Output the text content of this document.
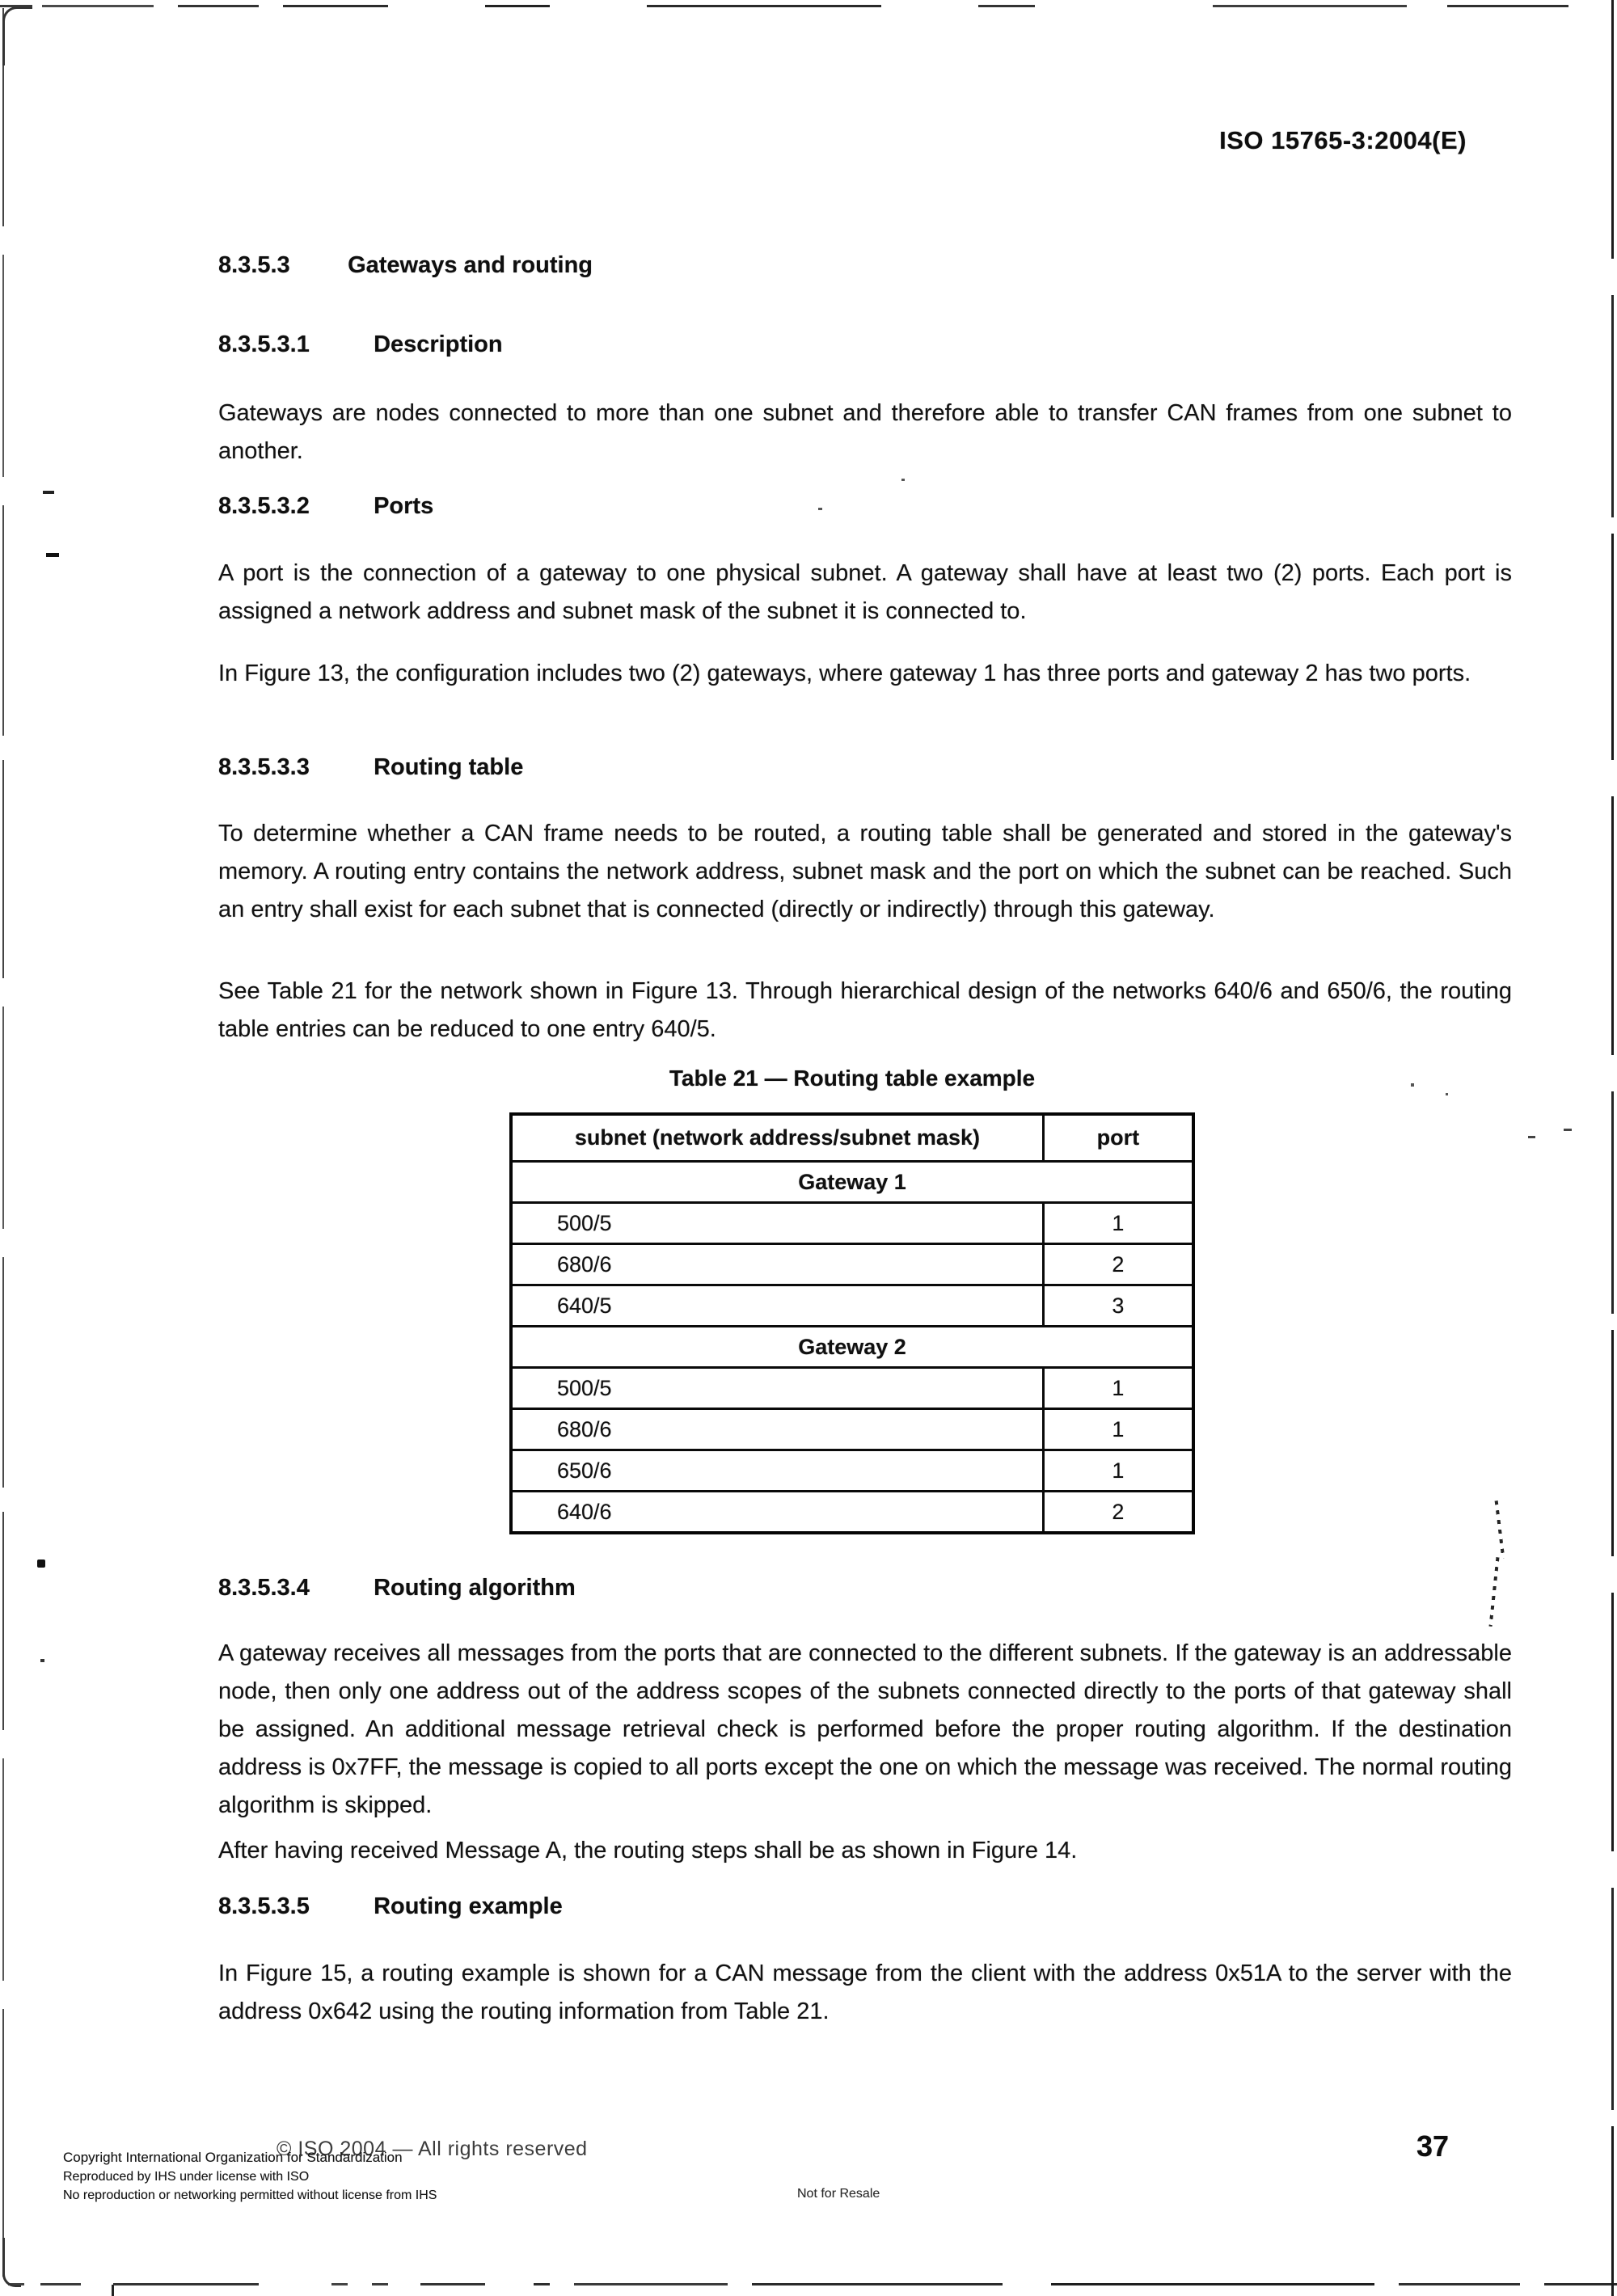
ISO 15765-3:2004(E)
8.3.5.3 Gateways and routing
8.3.5.3.1	Description
Gateways are nodes connected to more than one subnet and therefore able to transfer CAN frames from one subnet to another.
8.3.5.3.2	Ports
A port is the connection of a gateway to one physical subnet. A gateway shall have at least two (2) ports. Each port is assigned a network address and subnet mask of the subnet it is connected to.
In Figure 13, the configuration includes two (2) gateways, where gateway 1 has three ports and gateway 2 has two ports.
8.3.5.3.3	Routing table
To determine whether a CAN frame needs to be routed, a routing table shall be generated and stored in the gateway's memory. A routing entry contains the network address, subnet mask and the port on which the subnet can be reached. Such an entry shall exist for each subnet that is connected (directly or indirectly) through this gateway.
See Table 21 for the network shown in Figure 13. Through hierarchical design of the networks 640/6 and 650/6, the routing table entries can be reduced to one entry 640/5.
Table 21 — Routing table example
subnet (network address/subnet mask)	port
Gateway 1	
500/5	1
680/6	2
640/5	3
Gateway 2	
500/5	1
680/6	1
650/6	1
640/6	2
8.3.5.3.4	Routing algorithm
A gateway receives all messages from the ports that are connected to the different subnets. If the gateway is an addressable node, then only one address out of the address scopes of the subnets connected directly to the ports of that gateway shall be assigned. An additional message retrieval check is performed before the proper routing algorithm. If the destination address is 0x7FF, the message is copied to all ports except the one on which the message was received. The normal routing algorithm is skipped.
After having received Message A, the routing steps shall be as shown in Figure 14.
8.3.5.3.5	Routing example
In Figure 15, a routing example is shown for a CAN message from the client with the address 0x51A to the server with the address 0x642 using the routing information from Table 21.
© ISO 2004 — All rights reserved
Copyright International Organization for Standardization
Reproduced by IHS under license with ISO
No reproduction or networking permitted without license from IHS	Not for Resale
37
